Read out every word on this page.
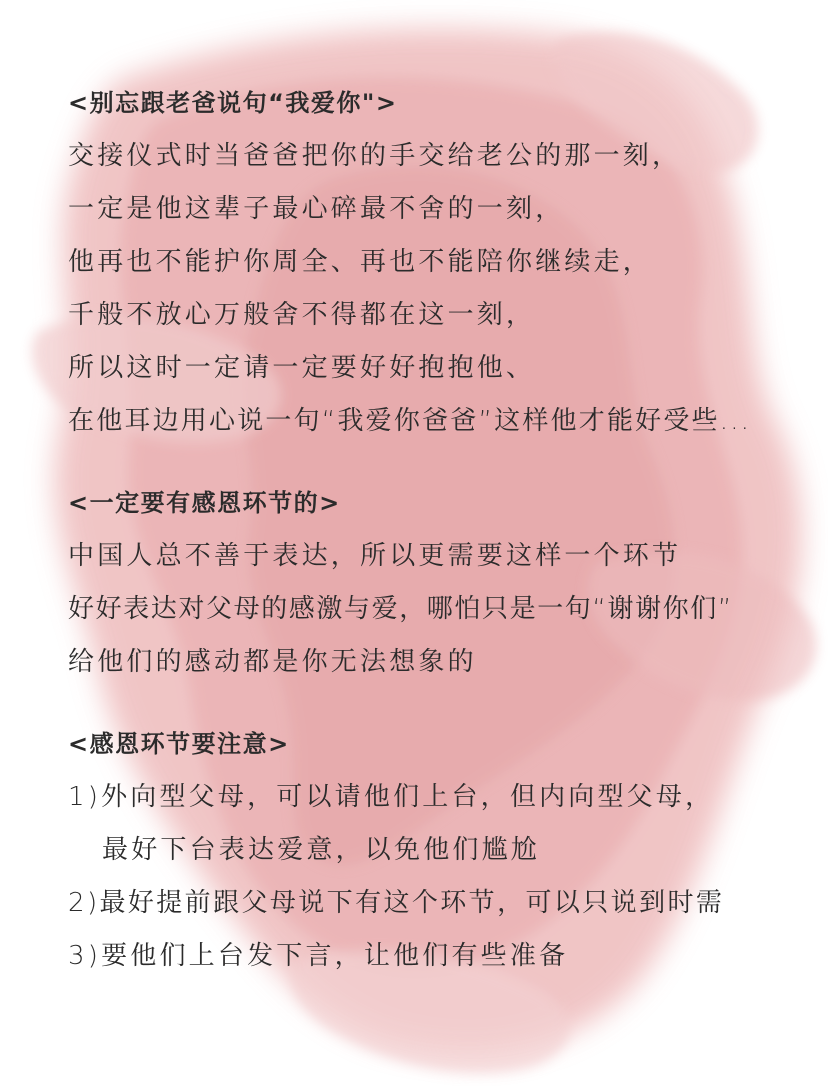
<别忘跟老爸说句“我爱你">
交接仪式时当爸爸把你的手交给老公的那一刻，
一定是他这辈子最心碎最不舍的一刻，
他再也不能护你周全、再也不能陪你继续走，
千般不放心万般舍不得都在这一刻，
所以这时一定请一定要好好抱抱他、
在他耳边用心说一句“我爱你爸爸”这样他才能好受些...
<一定要有感恩环节的>
中国人总不善于表达，所以更需要这样一个环节
好好表达对父母的感激与爱，哪怕只是一句“谢谢你们”
给他们的感动都是你无法想象的
<感恩环节要注意>
1)外向型父母，可以请他们上台，但内向型父母，
最好下台表达爱意，以免他们尴尬
2)最好提前跟父母说下有这个环节，可以只说到时需
3)要他们上台发下言，让他们有些准备
